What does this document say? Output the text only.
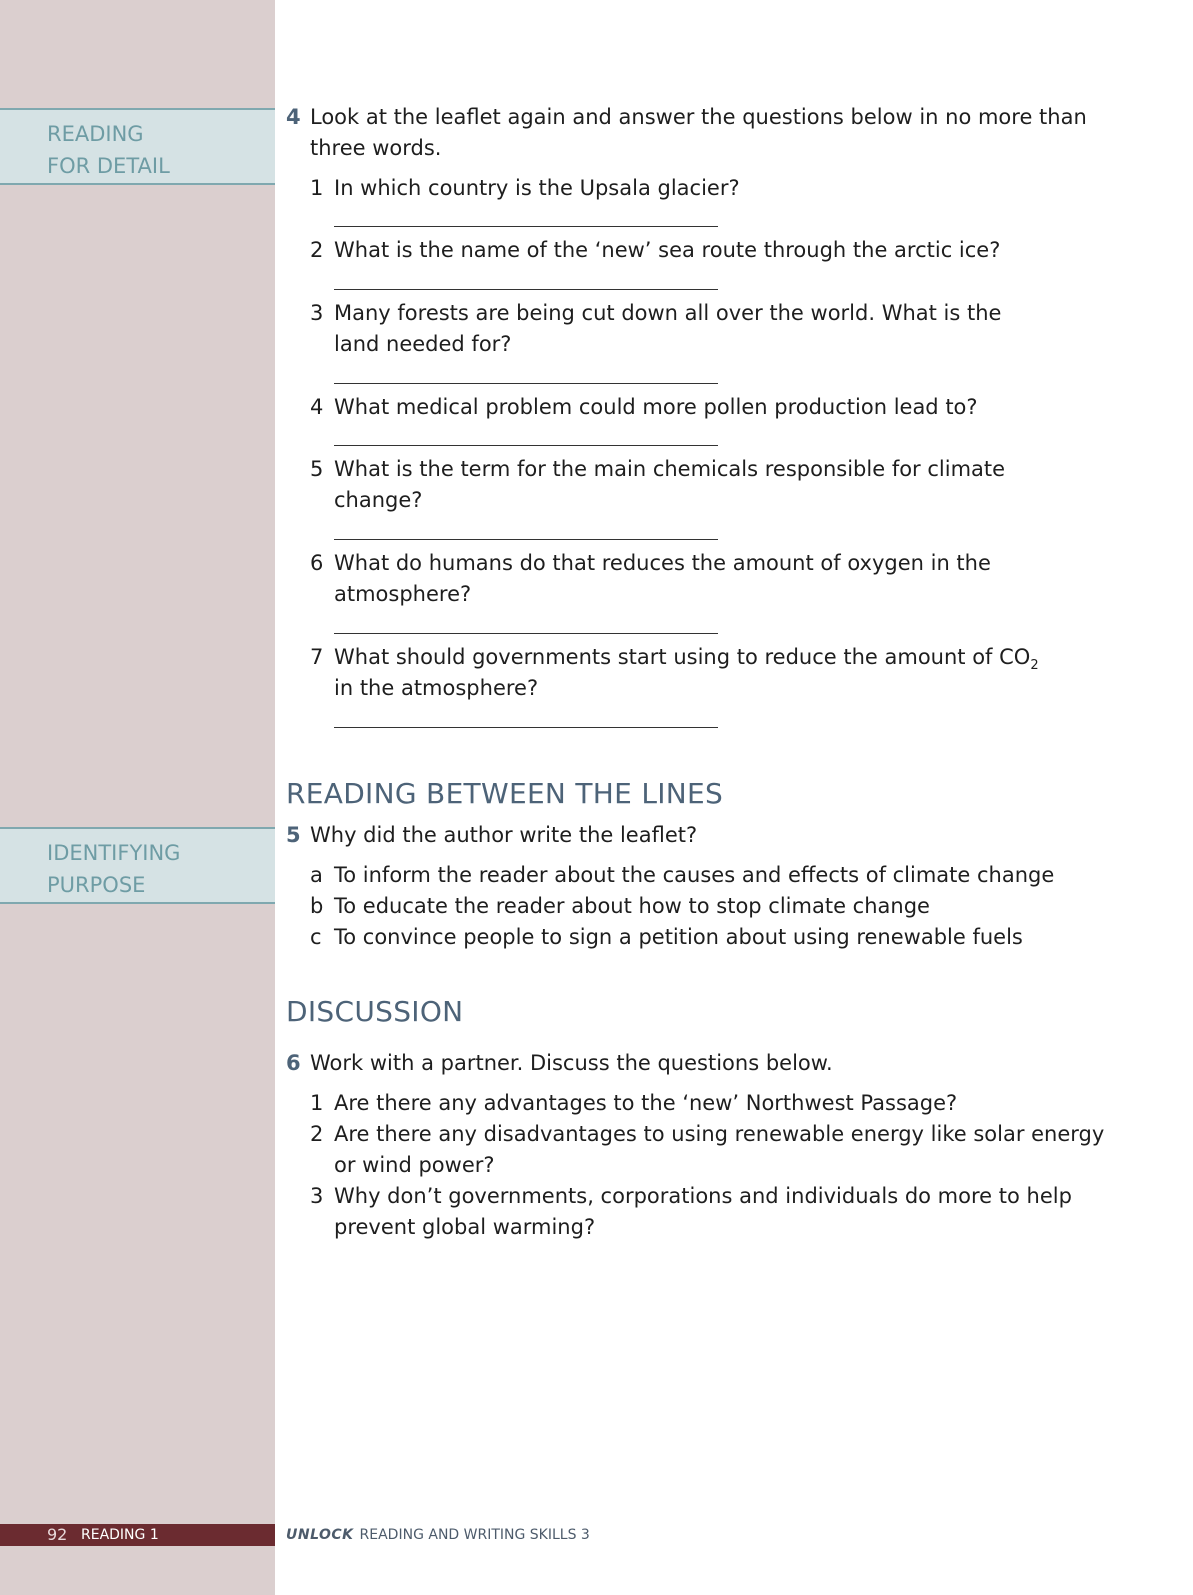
READING
FOR DETAIL
IDENTIFYING
PURPOSE
4 Look at the leaflet again and answer the questions below in no more than
three words.
1 In which country is the Upsala glacier?
2 What is the name of the ‘new’ sea route through the arctic ice?
3 Many forests are being cut down all over the world. What is the
land needed for?
4 What medical problem could more pollen production lead to?
5 What is the term for the main chemicals responsible for climate
change?
6 What do humans do that reduces the amount of oxygen in the
atmosphere?
7 What should governments start using to reduce the amount of $CO_2$
in the atmosphere?
READING BETWEEN THE LINES
5 Why did the author write the leaflet?
a To inform the reader about the causes and effects of climate change
b To educate the reader about how to stop climate change
c To convince people to sign a petition about using renewable fuels
DISCUSSION
6 Work with a partner. Discuss the questions below.
1 Are there any advantages to the ‘new’ Northwest Passage?
2 Are there any disadvantages to using renewable energy like solar energy
or wind power?
3 Why don’t governments, corporations and individuals do more to help
prevent global warming?
92 READING 1	UNLOCK READING AND WRITING SKILLS 3
